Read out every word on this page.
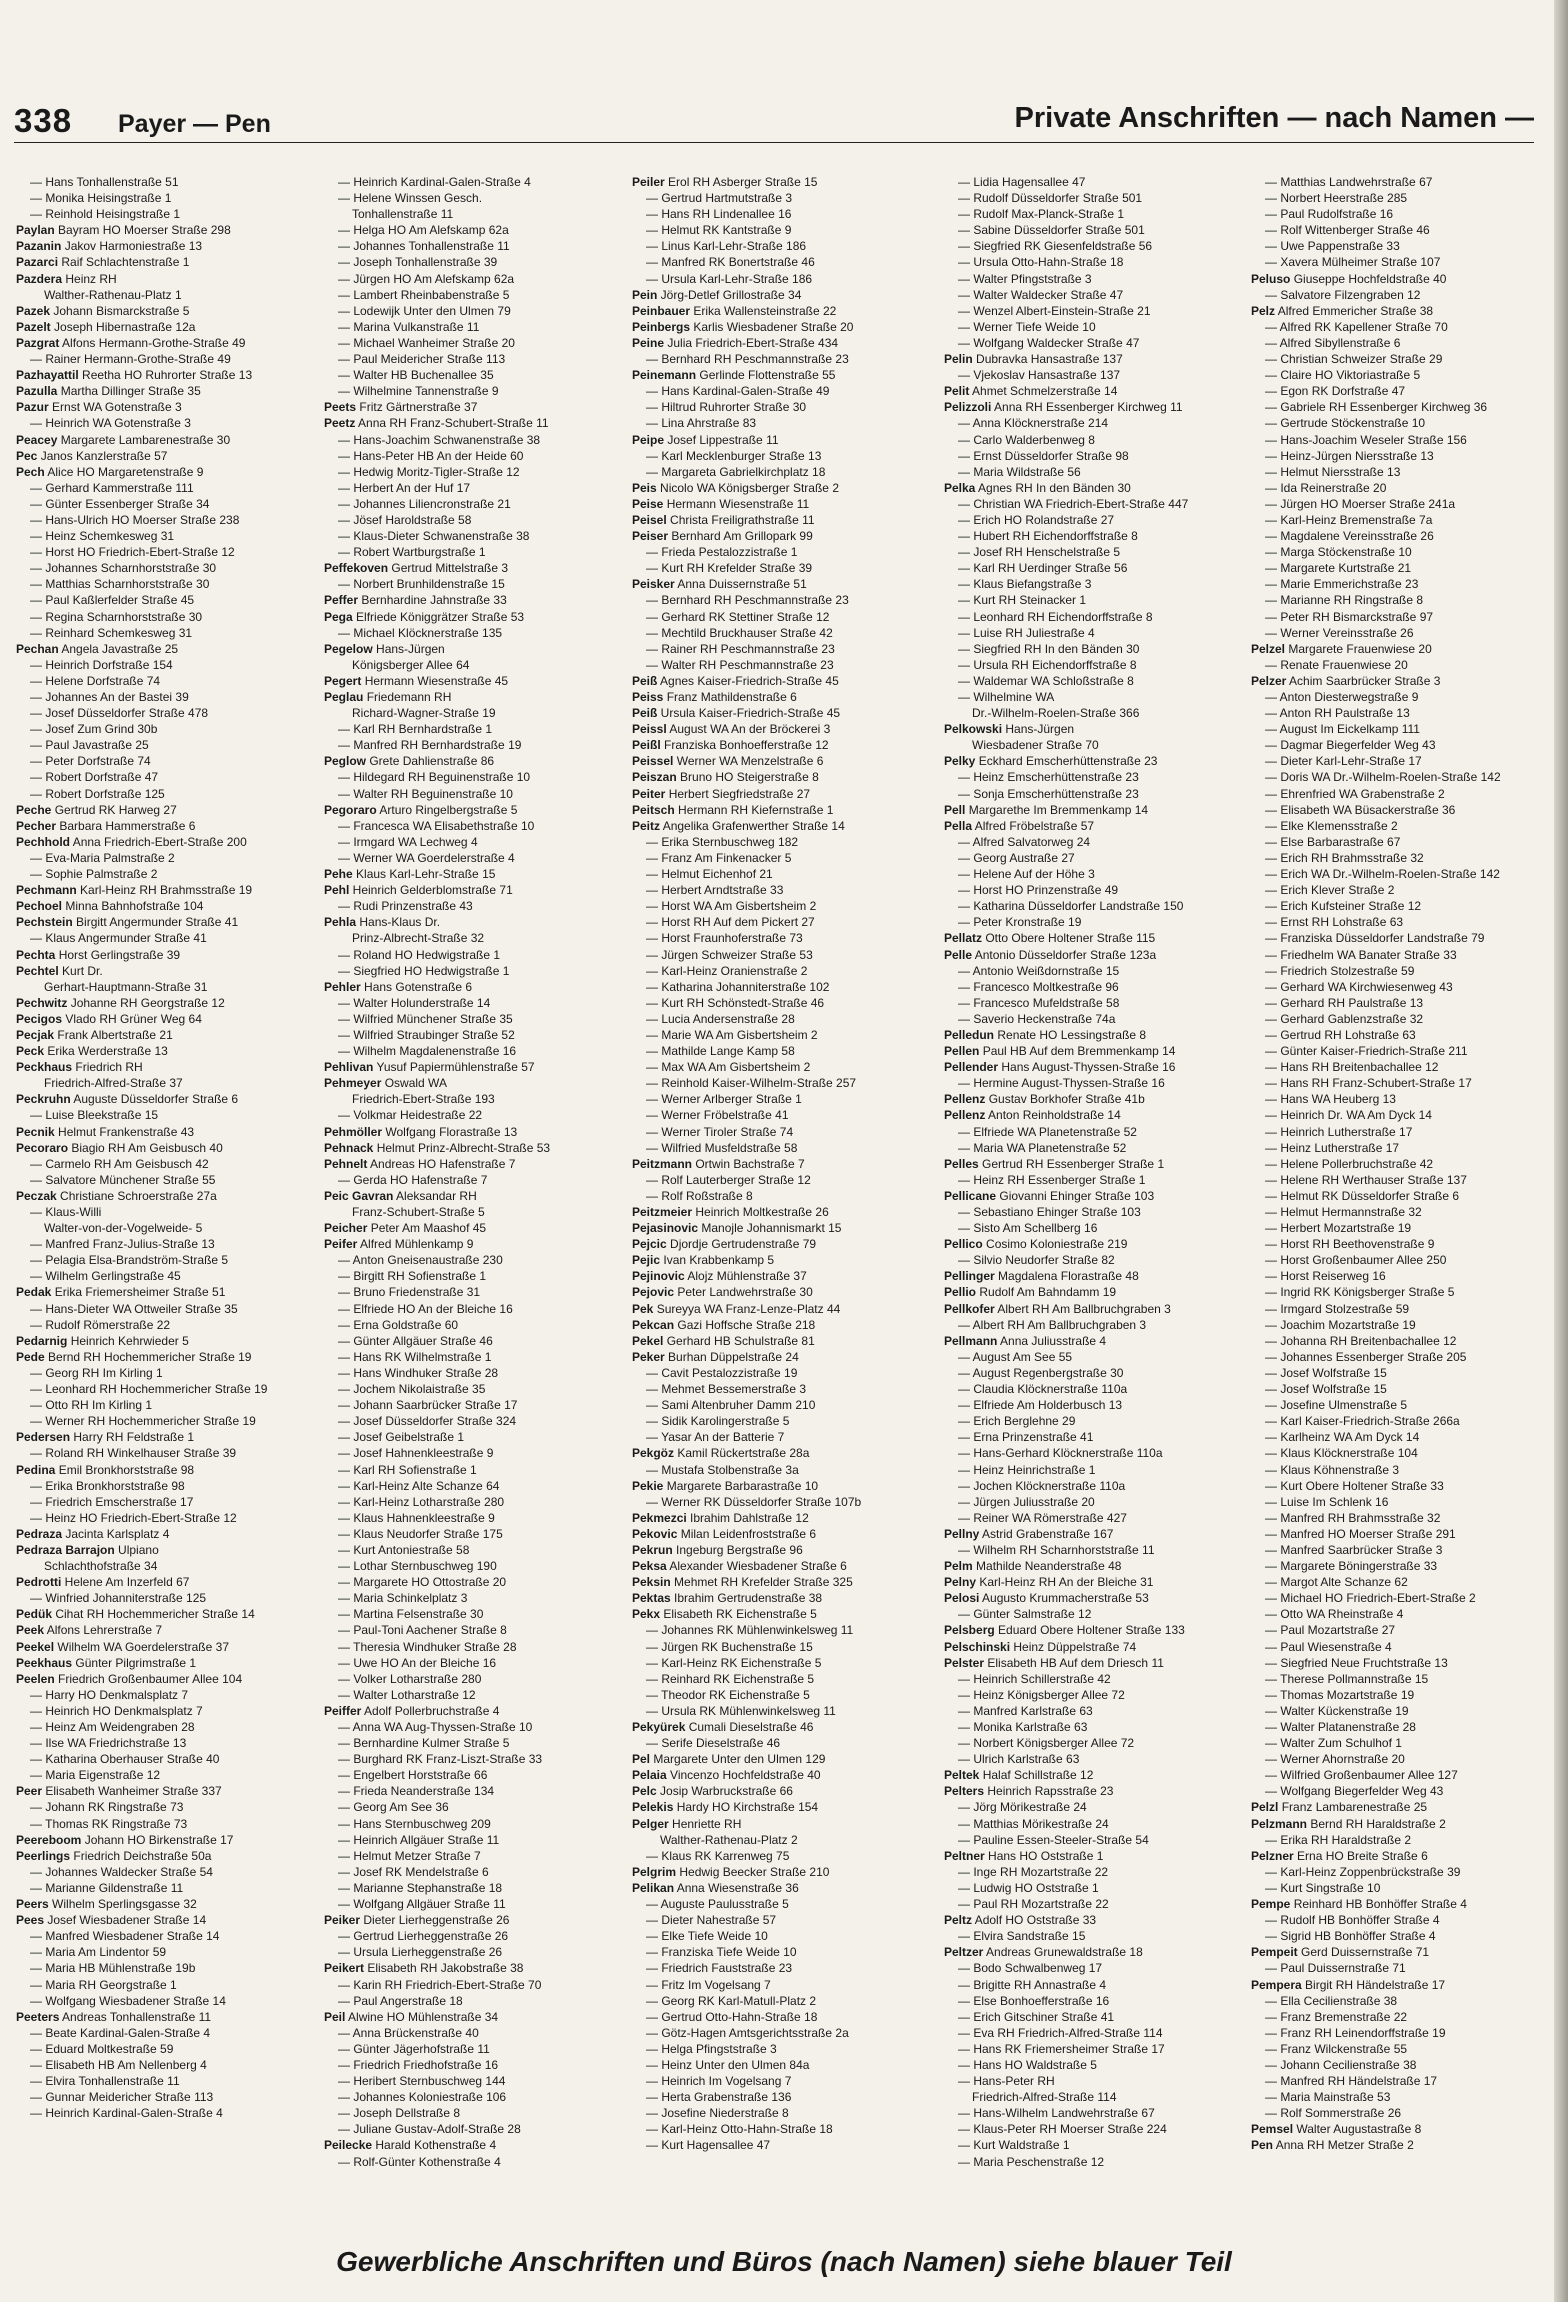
338 Payer — Pen	Private Anschriften — nach Namen —
— Hans Tonhallenstraße 51
— Monika Heisingstraße 1
— Reinhold Heisingstraße 1
Paylan Bayram HO Moerser Straße 298
Pazanin Jakov Harmoniestraße 13
Pazarci Raif Schlachtenstraße 1
Pazdera Heinz RH
Walther-Rathenau-Platz 1
Pazek Johann Bismarckstraße 5
Pazelt Joseph Hibernastraße 12a
Pazgrat Alfons Hermann-Grothe-Straße 49
— Rainer Hermann-Grothe-Straße 49
Pazhayattil Reetha HO Ruhrorter Straße 13
Pazulla Martha Dillinger Straße 35
Pazur Ernst WA Gotenstraße 3
— Heinrich WA Gotenstraße 3
Peacey Margarete Lambarenestraße 30
Pec Janos Kanzlerstraße 57
Pech Alice HO Margaretenstraße 9
— Gerhard Kammerstraße 111
— Günter Essenberger Straße 34
— Hans-Ulrich HO Moerser Straße 238
— Heinz Schemkesweg 31
— Horst HO Friedrich-Ebert-Straße 12
— Johannes Scharnhorststraße 30
— Matthias Scharnhorststraße 30
— Paul Kaßlerfelder Straße 45
— Regina Scharnhorststraße 30
— Reinhard Schemkesweg 31
Pechan Angela Javastraße 25
— Heinrich Dorfstraße 154
— Helene Dorfstraße 74
— Johannes An der Bastei 39
— Josef Düsseldorfer Straße 478
— Josef Zum Grind 30b
— Paul Javastraße 25
— Peter Dorfstraße 74
— Robert Dorfstraße 47
— Robert Dorfstraße 125
Peche Gertrud RK Harweg 27
Pecher Barbara Hammerstraße 6
Pechhold Anna Friedrich-Ebert-Straße 200
— Eva-Maria Palmstraße 2
— Sophie Palmstraße 2
Pechmann Karl-Heinz RH Brahmsstraße 19
Pechoel Minna Bahnhofstraße 104
Pechstein Birgitt Angermunder Straße 41
— Klaus Angermunder Straße 41
Pechta Horst Gerlingstraße 39
Pechtel Kurt Dr.
Gerhart-Hauptmann-Straße 31
Pechwitz Johanne RH Georgstraße 12
Pecigos Vlado RH Grüner Weg 64
Pecjak Frank Albertstraße 21
Peck Erika Werderstraße 13
Peckhaus Friedrich RH
Friedrich-Alfred-Straße 37
Peckruhn Auguste Düsseldorfer Straße 6
— Luise Bleekstraße 15
Pecnik Helmut Frankenstraße 43
Pecoraro Biagio RH Am Geisbusch 40
— Carmelo RH Am Geisbusch 42
— Salvatore Münchener Straße 55
Peczak Christiane Schroerstraße 27a
— Klaus-Willi
Walter-von-der-Vogelweide- 5
— Manfred Franz-Julius-Straße 13
— Pelagia Elsa-Brandström-Straße 5
— Wilhelm Gerlingstraße 45
Pedak Erika Friemersheimer Straße 51
— Hans-Dieter WA Ottweiler Straße 35
— Rudolf Römerstraße 22
Pedarnig Heinrich Kehrwieder 5
Pede Bernd RH Hochemmericher Straße 19
— Georg RH Im Kirling 1
— Leonhard RH Hochemmericher Straße 19
— Otto RH Im Kirling 1
— Werner RH Hochemmericher Straße 19
Pedersen Harry RH Feldstraße 1
— Roland RH Winkelhauser Straße 39
Pedina Emil Bronkhorststraße 98
— Erika Bronkhorststraße 98
— Friedrich Emscherstraße 17
— Heinz HO Friedrich-Ebert-Straße 12
Pedraza Jacinta Karlsplatz 4
Pedraza Barrajon Ulpiano
Schlachthofstraße 34
Pedrotti Helene Am Inzerfeld 67
— Winfried Johanniterstraße 125
Pedük Cihat RH Hochemmericher Straße 14
Peek Alfons Lehrerstraße 7
Peekel Wilhelm WA Goerdelerstraße 37
Peekhaus Günter Pilgrimstraße 1
Peelen Friedrich Großenbaumer Allee 104
— Harry HO Denkmalsplatz 7
— Heinrich HO Denkmalsplatz 7
— Heinz Am Weidengraben 28
— Ilse WA Friedrichstraße 13
— Katharina Oberhauser Straße 40
— Maria Eigenstraße 12
Peer Elisabeth Wanheimer Straße 337
— Johann RK Ringstraße 73
— Thomas RK Ringstraße 73
Peereboom Johann HO Birkenstraße 17
Peerlings Friedrich Deichstraße 50a
— Johannes Waldecker Straße 54
— Marianne Gildenstraße 11
Peers Wilhelm Sperlingsgasse 32
Pees Josef Wiesbadener Straße 14
— Manfred Wiesbadener Straße 14
— Maria Am Lindentor 59
— Maria HB Mühlenstraße 19b
— Maria RH Georgstraße 1
— Wolfgang Wiesbadener Straße 14
Peeters Andreas Tonhallenstraße 11
— Beate Kardinal-Galen-Straße 4
— Eduard Moltkestraße 59
— Elisabeth HB Am Nellenberg 4
— Elvira Tonhallenstraße 11
— Gunnar Meidericher Straße 113
— Heinrich Kardinal-Galen-Straße 4
— Heinrich Kardinal-Galen-Straße 4
— Helene Winssen Gesch.
Tonhallenstraße 11
— Helga HO Am Alefskamp 62a
— Johannes Tonhallenstraße 11
— Joseph Tonhallenstraße 39
— Jürgen HO Am Alefskamp 62a
— Lambert Rheinbabenstraße 5
— Lodewijk Unter den Ulmen 79
— Marina Vulkanstraße 11
— Michael Wanheimer Straße 20
— Paul Meidericher Straße 113
— Walter HB Buchenallee 35
— Wilhelmine Tannenstraße 9
Peets Fritz Gärtnerstraße 37
Peetz Anna RH Franz-Schubert-Straße 11
— Hans-Joachim Schwanenstraße 38
— Hans-Peter HB An der Heide 60
— Hedwig Moritz-Tigler-Straße 12
— Herbert An der Huf 17
— Johannes Liliencronstraße 21
— Jösef Haroldstraße 58
— Klaus-Dieter Schwanenstraße 38
— Robert Wartburgstraße 1
Peffekoven Gertrud Mittelstraße 3
— Norbert Brunhildenstraße 15
Peffer Bernhardine Jahnstraße 33
Pega Elfriede Königgrätzer Straße 53
— Michael Klöcknerstraße 135
Pegelow Hans-Jürgen
Königsberger Allee 64
Pegert Hermann Wiesenstraße 45
Peglau Friedemann RH
Richard-Wagner-Straße 19
— Karl RH Bernhardstraße 1
— Manfred RH Bernhardstraße 19
Peglow Grete Dahlienstraße 86
— Hildegard RH Beguinenstraße 10
— Walter RH Beguinenstraße 10
Pegoraro Arturo Ringelbergstraße 5
— Francesca WA Elisabethstraße 10
— Irmgard WA Lechweg 4
— Werner WA Goerdelerstraße 4
Pehe Klaus Karl-Lehr-Straße 15
Pehl Heinrich Gelderblomstraße 71
— Rudi Prinzenstraße 43
Pehla Hans-Klaus Dr.
Prinz-Albrecht-Straße 32
— Roland HO Hedwigstraße 1
— Siegfried HO Hedwigstraße 1
Pehler Hans Gotenstraße 6
— Walter Holunderstraße 14
— Wilfried Münchener Straße 35
— Wilfried Straubinger Straße 52
— Wilhelm Magdalenenstraße 16
Pehlivan Yusuf Papiermühlenstraße 57
Pehmeyer Oswald WA
Friedrich-Ebert-Straße 193
— Volkmar Heidestraße 22
Pehmöller Wolfgang Florastraße 13
Pehnack Helmut Prinz-Albrecht-Straße 53
Pehnelt Andreas HO Hafenstraße 7
— Gerda HO Hafenstraße 7
Peic Gavran Aleksandar RH
Franz-Schubert-Straße 5
Peicher Peter Am Maashof 45
Peifer Alfred Mühlenkamp 9
— Anton Gneisenaustraße 230
— Birgitt RH Sofienstraße 1
— Bruno Friedenstraße 31
— Elfriede HO An der Bleiche 16
— Erna Goldstraße 60
— Günter Allgäuer Straße 46
— Hans RK Wilhelmstraße 1
— Hans Windhuker Straße 28
— Jochem Nikolaistraße 35
— Johann Saarbrücker Straße 17
— Josef Düsseldorfer Straße 324
— Josef Geibelstraße 1
— Josef Hahnenkleestraße 9
— Karl RH Sofienstraße 1
— Karl-Heinz Alte Schanze 64
— Karl-Heinz Lotharstraße 280
— Klaus Hahnenkleestraße 9
— Klaus Neudorfer Straße 175
— Kurt Antoniestraße 58
— Lothar Sternbuschweg 190
— Margarete HO Ottostraße 20
— Maria Schinkelplatz 3
— Martina Felsenstraße 30
— Paul-Toni Aachener Straße 8
— Theresia Windhuker Straße 28
— Uwe HO An der Bleiche 16
— Volker Lotharstraße 280
— Walter Lotharstraße 12
Peiffer Adolf Pollerbruchstraße 4
— Anna WA Aug-Thyssen-Straße 10
— Bernhardine Kulmer Straße 5
— Burghard RK Franz-Liszt-Straße 33
— Engelbert Horststraße 66
— Frieda Neanderstraße 134
— Georg Am See 36
— Hans Sternbuschweg 209
— Heinrich Allgäuer Straße 11
— Helmut Metzer Straße 7
— Josef RK Mendelstraße 6
— Marianne Stephanstraße 18
— Wolfgang Allgäuer Straße 11
Peiker Dieter Lierheggenstraße 26
— Gertrud Lierheggenstraße 26
— Ursula Lierheggenstraße 26
Peikert Elisabeth RH Jakobstraße 38
— Karin RH Friedrich-Ebert-Straße 70
— Paul Angerstraße 18
Peil Alwine HO Mühlenstraße 34
— Anna Brückenstraße 40
— Günter Jägerhofstraße 11
— Friedrich Friedhofstraße 16
— Heribert Sternbuschweg 144
— Johannes Koloniestraße 106
— Joseph Dellstraße 8
— Juliane Gustav-Adolf-Straße 28
Peilecke Harald Kothenstraße 4
— Rolf-Günter Kothenstraße 4
Peiler Erol RH Asberger Straße 15
— Gertrud Hartmutstraße 3
— Hans RH Lindenallee 16
— Helmut RK Kantstraße 9
— Linus Karl-Lehr-Straße 186
— Manfred RK Bonertstraße 46
— Ursula Karl-Lehr-Straße 186
Pein Jörg-Detlef Grillostraße 34
Peinbauer Erika Wallensteinstraße 22
Peinbergs Karlis Wiesbadener Straße 20
Peine Julia Friedrich-Ebert-Straße 434
— Bernhard RH Peschmannstraße 23
Peinemann Gerlinde Flottenstraße 55
— Hans Kardinal-Galen-Straße 49
— Hiltrud Ruhrorter Straße 30
— Lina Ahrstraße 83
Peipe Josef Lippestraße 11
— Karl Mecklenburger Straße 13
— Margareta Gabrielkirchplatz 18
Peis Nicolo WA Königsberger Straße 2
Peise Hermann Wiesenstraße 11
Peisel Christa Freiligrathstraße 11
Peiser Bernhard Am Grillopark 99
— Frieda Pestalozzistraße 1
— Kurt RH Krefelder Straße 39
Peisker Anna Duissernstraße 51
— Bernhard RH Peschmannstraße 23
— Gerhard RK Stettiner Straße 12
— Mechtild Bruckhauser Straße 42
— Rainer RH Peschmannstraße 23
— Walter RH Peschmannstraße 23
Peiß Agnes Kaiser-Friedrich-Straße 45
Peiss Franz Mathildenstraße 6
Peiß Ursula Kaiser-Friedrich-Straße 45
Peissl August WA An der Bröckerei 3
Peißl Franziska Bonhoefferstraße 12
Peissel Werner WA Menzelstraße 6
Peiszan Bruno HO Steigerstraße 8
Peiter Herbert Siegfriedstraße 27
Peitsch Hermann RH Kiefernstraße 1
Peitz Angelika Grafenwerther Straße 14
— Erika Sternbuschweg 182
— Franz Am Finkenacker 5
— Helmut Eichenhof 21
— Herbert Arndtstraße 33
— Horst WA Am Gisbertsheim 2
— Horst RH Auf dem Pickert 27
— Horst Fraunhoferstraße 73
— Jürgen Schweizer Straße 53
— Karl-Heinz Oranienstraße 2
— Katharina Johanniterstraße 102
— Kurt RH Schönstedt-Straße 46
— Lucia Andersenstraße 28
— Marie WA Am Gisbertsheim 2
— Mathilde Lange Kamp 58
— Max WA Am Gisbertsheim 2
— Reinhold Kaiser-Wilhelm-Straße 257
— Werner Arlberger Straße 1
— Werner Fröbelstraße 41
— Werner Tiroler Straße 74
— Wilfried Musfeldstraße 58
Peitzmann Ortwin Bachstraße 7
— Rolf Lauterberger Straße 12
— Rolf Roßstraße 8
Peitzmeier Heinrich Moltkestraße 26
Pejasinovic Manojle Johannismarkt 15
Pejcic Djordje Gertrudenstraße 79
Pejic Ivan Krabbenkamp 5
Pejinovic Alojz Mühlenstraße 37
Pejovic Peter Landwehrstraße 30
Pek Sureyya WA Franz-Lenze-Platz 44
Pekcan Gazi Hoffsche Straße 218
Pekel Gerhard HB Schulstraße 81
Peker Burhan Düppelstraße 24
— Cavit Pestalozzistraße 19
— Mehmet Bessemerstraße 3
— Sami Altenbruher Damm 210
— Sidik Karolingerstraße 5
— Yasar An der Batterie 7
Pekgöz Kamil Rückertstraße 28a
— Mustafa Stolbenstraße 3a
Pekie Margarete Barbarastraße 10
— Werner RK Düsseldorfer Straße 107b
Pekmezci Ibrahim Dahlstraße 12
Pekovic Milan Leidenfroststraße 6
Pekrun Ingeburg Bergstraße 96
Peksa Alexander Wiesbadener Straße 6
Peksin Mehmet RH Krefelder Straße 325
Pektas Ibrahim Gertrudenstraße 38
Pekx Elisabeth RK Eichenstraße 5
— Johannes RK Mühlenwinkelsweg 11
— Jürgen RK Buchenstraße 15
— Karl-Heinz RK Eichenstraße 5
— Reinhard RK Eichenstraße 5
— Theodor RK Eichenstraße 5
— Ursula RK Mühlenwinkelsweg 11
Pekyürek Cumali Dieselstraße 46
— Serife Dieselstraße 46
Pel Margarete Unter den Ulmen 129
Pelaia Vincenzo Hochfeldstraße 40
Pelc Josip Warbruckstraße 66
Pelekis Hardy HO Kirchstraße 154
Pelger Henriette RH
Walther-Rathenau-Platz 2
— Klaus RK Karrenweg 75
Pelgrim Hedwig Beecker Straße 210
Pelikan Anna Wiesenstraße 36
— Auguste Paulusstraße 5
— Dieter Nahestraße 57
— Elke Tiefe Weide 10
— Franziska Tiefe Weide 10
— Friedrich Fauststraße 23
— Fritz Im Vogelsang 7
— Georg RK Karl-Matull-Platz 2
— Gertrud Otto-Hahn-Straße 18
— Götz-Hagen Amtsgerichtsstraße 2a
— Helga Pfingststraße 3
— Heinz Unter den Ulmen 84a
— Heinrich Im Vogelsang 7
— Herta Grabenstraße 136
— Josefine Niederstraße 8
— Karl-Heinz Otto-Hahn-Straße 18
— Kurt Hagensallee 47
— Lidia Hagensallee 47
— Rudolf Düsseldorfer Straße 501
— Rudolf Max-Planck-Straße 1
— Sabine Düsseldorfer Straße 501
— Siegfried RK Giesenfeldstraße 56
— Ursula Otto-Hahn-Straße 18
— Walter Pfingststraße 3
— Walter Waldecker Straße 47
— Wenzel Albert-Einstein-Straße 21
— Werner Tiefe Weide 10
— Wolfgang Waldecker Straße 47
Pelin Dubravka Hansastraße 137
— Vjekoslav Hansastraße 137
Pelit Ahmet Schmelzerstraße 14
Pelizzoli Anna RH Essenberger Kirchweg 11
— Anna Klöcknerstraße 214
— Carlo Walderbenweg 8
— Ernst Düsseldorfer Straße 98
— Maria Wildstraße 56
Pelka Agnes RH In den Bänden 30
— Christian WA Friedrich-Ebert-Straße 447
— Erich HO Rolandstraße 27
— Hubert RH Eichendorffstraße 8
— Josef RH Henschelstraße 5
— Karl RH Uerdinger Straße 56
— Klaus Biefangstraße 3
— Kurt RH Steinacker 1
— Leonhard RH Eichendorffstraße 8
— Luise RH Juliestraße 4
— Siegfried RH In den Bänden 30
— Ursula RH Eichendorffstraße 8
— Waldemar WA Schloßstraße 8
— Wilhelmine WA
Dr.-Wilhelm-Roelen-Straße 366
Pelkowski Hans-Jürgen
Wiesbadener Straße 70
Pelky Eckhard Emscherhüttenstraße 23
— Heinz Emscherhüttenstraße 23
— Sonja Emscherhüttenstraße 23
Pell Margarethe Im Bremmenkamp 14
Pella Alfred Fröbelstraße 57
— Alfred Salvatorweg 24
— Georg Austraße 27
— Helene Auf der Höhe 3
— Horst HO Prinzenstraße 49
— Katharina Düsseldorfer Landstraße 150
— Peter Kronstraße 19
Pellatz Otto Obere Holtener Straße 115
Pelle Antonio Düsseldorfer Straße 123a
— Antonio Weißdornstraße 15
— Francesco Moltkestraße 96
— Francesco Mufeldstraße 58
— Saverio Heckenstraße 74a
Pelledun Renate HO Lessingstraße 8
Pellen Paul HB Auf dem Bremmenkamp 14
Pellender Hans August-Thyssen-Straße 16
— Hermine August-Thyssen-Straße 16
Pellenz Gustav Borkhofer Straße 41b
Pellenz Anton Reinholdstraße 14
— Elfriede WA Planetenstraße 52
— Maria WA Planetenstraße 52
Pelles Gertrud RH Essenberger Straße 1
— Heinz RH Essenberger Straße 1
Pellicane Giovanni Ehinger Straße 103
— Sebastiano Ehinger Straße 103
— Sisto Am Schellberg 16
Pellico Cosimo Koloniestraße 219
— Silvio Neudorfer Straße 82
Pellinger Magdalena Florastraße 48
Pellio Rudolf Am Bahndamm 19
Pellkofer Albert RH Am Ballbruchgraben 3
— Albert RH Am Ballbruchgraben 3
Pellmann Anna Juliusstraße 4
— August Am See 55
— August Regenbergstraße 30
— Claudia Klöcknerstraße 110a
— Elfriede Am Holderbusch 13
— Erich Berglehne 29
— Erna Prinzenstraße 41
— Hans-Gerhard Klöcknerstraße 110a
— Heinz Heinrichstraße 1
— Jochen Klöcknerstraße 110a
— Jürgen Juliusstraße 20
— Reiner WA Römerstraße 427
Pellny Astrid Grabenstraße 167
— Wilhelm RH Scharnhorststraße 11
Pelm Mathilde Neanderstraße 48
Pelny Karl-Heinz RH An der Bleiche 31
Pelosi Augusto Krummacherstraße 53
— Günter Salmstraße 12
Pelsberg Eduard Obere Holtener Straße 133
Pelschinski Heinz Düppelstraße 74
Pelster Elisabeth HB Auf dem Driesch 11
— Heinrich Schillerstraße 42
— Heinz Königsberger Allee 72
— Manfred Karlstraße 63
— Monika Karlstraße 63
— Norbert Königsberger Allee 72
— Ulrich Karlstraße 63
Peltek Halaf Schillstraße 12
Pelters Heinrich Rapsstraße 23
— Jörg Mörikestraße 24
— Matthias Mörikestraße 24
— Pauline Essen-Steeler-Straße 54
Peltner Hans HO Oststraße 1
— Inge RH Mozartstraße 22
— Ludwig HO Oststraße 1
— Paul RH Mozartstraße 22
Peltz Adolf HO Oststraße 33
— Elvira Sandstraße 15
Peltzer Andreas Grunewaldstraße 18
— Bodo Schwalbenweg 17
— Brigitte RH Annastraße 4
— Else Bonhoefferstraße 16
— Erich Gitschiner Straße 41
— Eva RH Friedrich-Alfred-Straße 114
— Hans RK Friemersheimer Straße 17
— Hans HO Waldstraße 5
— Hans-Peter RH
Friedrich-Alfred-Straße 114
— Hans-Wilhelm Landwehrstraße 67
— Klaus-Peter RH Moerser Straße 224
— Kurt Waldstraße 1
— Maria Peschenstraße 12
— Matthias Landwehrstraße 67
— Norbert Heerstraße 285
— Paul Rudolfstraße 16
— Rolf Wittenberger Straße 46
— Uwe Pappenstraße 33
— Xavera Mülheimer Straße 107
Peluso Giuseppe Hochfeldstraße 40
— Salvatore Filzengraben 12
Pelz Alfred Emmericher Straße 38
— Alfred RK Kapellener Straße 70
— Alfred Sibyllenstraße 6
— Christian Schweizer Straße 29
— Claire HO Viktoriastraße 5
— Egon RK Dorfstraße 47
— Gabriele RH Essenberger Kirchweg 36
— Gertrude Stöckenstraße 10
— Hans-Joachim Weseler Straße 156
— Heinz-Jürgen Niersstraße 13
— Helmut Niersstraße 13
— Ida Reinerstraße 20
— Jürgen HO Moerser Straße 241a
— Karl-Heinz Bremenstraße 7a
— Magdalene Vereinsstraße 26
— Marga Stöckenstraße 10
— Margarete Kurtstraße 21
— Marie Emmerichstraße 23
— Marianne RH Ringstraße 8
— Peter RH Bismarckstraße 97
— Werner Vereinsstraße 26
Pelzel Margarete Frauenwiese 20
— Renate Frauenwiese 20
Pelzer Achim Saarbrücker Straße 3
— Anton Diesterwegstraße 9
— Anton RH Paulstraße 13
— August Im Eickelkamp 111
— Dagmar Biegerfelder Weg 43
— Dieter Karl-Lehr-Straße 17
— Doris WA Dr.-Wilhelm-Roelen-Straße 142
— Ehrenfried WA Grabenstraße 2
— Elisabeth WA Büsackerstraße 36
— Elke Klemensstraße 2
— Else Barbarastraße 67
— Erich RH Brahmsstraße 32
— Erich WA Dr.-Wilhelm-Roelen-Straße 142
— Erich Klever Straße 2
— Erich Kufsteiner Straße 12
— Ernst RH Lohstraße 63
— Franziska Düsseldorfer Landstraße 79
— Friedhelm WA Banater Straße 33
— Friedrich Stolzestraße 59
— Gerhard WA Kirchwiesenweg 43
— Gerhard RH Paulstraße 13
— Gerhard Gablenzstraße 32
— Gertrud RH Lohstraße 63
— Günter Kaiser-Friedrich-Straße 211
— Hans RH Breitenbachallee 12
— Hans RH Franz-Schubert-Straße 17
— Hans WA Heuberg 13
— Heinrich Dr. WA Am Dyck 14
— Heinrich Lutherstraße 17
— Heinz Lutherstraße 17
— Helene Pollerbruchstraße 42
— Helene RH Werthauser Straße 137
— Helmut RK Düsseldorfer Straße 6
— Helmut Hermannstraße 32
— Herbert Mozartstraße 19
— Horst RH Beethovenstraße 9
— Horst Großenbaumer Allee 250
— Horst Reiserweg 16
— Ingrid RK Königsberger Straße 5
— Irmgard Stolzestraße 59
— Joachim Mozartstraße 19
— Johanna RH Breitenbachallee 12
— Johannes Essenberger Straße 205
— Josef Wolfstraße 15
— Josef Wolfstraße 15
— Josefine Ulmenstraße 5
— Karl Kaiser-Friedrich-Straße 266a
— Karlheinz WA Am Dyck 14
— Klaus Klöcknerstraße 104
— Klaus Köhnenstraße 3
— Kurt Obere Holtener Straße 33
— Luise Im Schlenk 16
— Manfred RH Brahmsstraße 32
— Manfred HO Moerser Straße 291
— Manfred Saarbrücker Straße 3
— Margarete Böningerstraße 33
— Margot Alte Schanze 62
— Michael HO Friedrich-Ebert-Straße 2
— Otto WA Rheinstraße 4
— Paul Mozartstraße 27
— Paul Wiesenstraße 4
— Siegfried Neue Fruchtstraße 13
— Therese Pollmannstraße 15
— Thomas Mozartstraße 19
— Walter Kückenstraße 19
— Walter Platanenstraße 28
— Walter Zum Schulhof 1
— Werner Ahornstraße 20
— Wilfried Großenbaumer Allee 127
— Wolfgang Biegerfelder Weg 43
Pelzl Franz Lambarenestraße 25
Pelzmann Bernd RH Haraldstraße 2
— Erika RH Haraldstraße 2
Pelzner Erna HO Breite Straße 6
— Karl-Heinz Zoppenbrückstraße 39
— Kurt Singstraße 10
Pempe Reinhard HB Bonhöffer Straße 4
— Rudolf HB Bonhöffer Straße 4
— Sigrid HB Bonhöffer Straße 4
Pempeit Gerd Duissernstraße 71
— Paul Duissernstraße 71
Pempera Birgit RH Händelstraße 17
— Ella Cecilienstraße 38
— Franz Bremenstraße 22
— Franz RH Leinendorffstraße 19
— Franz Wilckenstraße 55
— Johann Cecilienstraße 38
— Manfred RH Händelstraße 17
— Maria Mainstraße 53
— Rolf Sommerstraße 26
Pemsel Walter Augustastraße 8
Pen Anna RH Metzer Straße 2
Gewerbliche Anschriften und Büros (nach Namen) siehe blauer Teil
